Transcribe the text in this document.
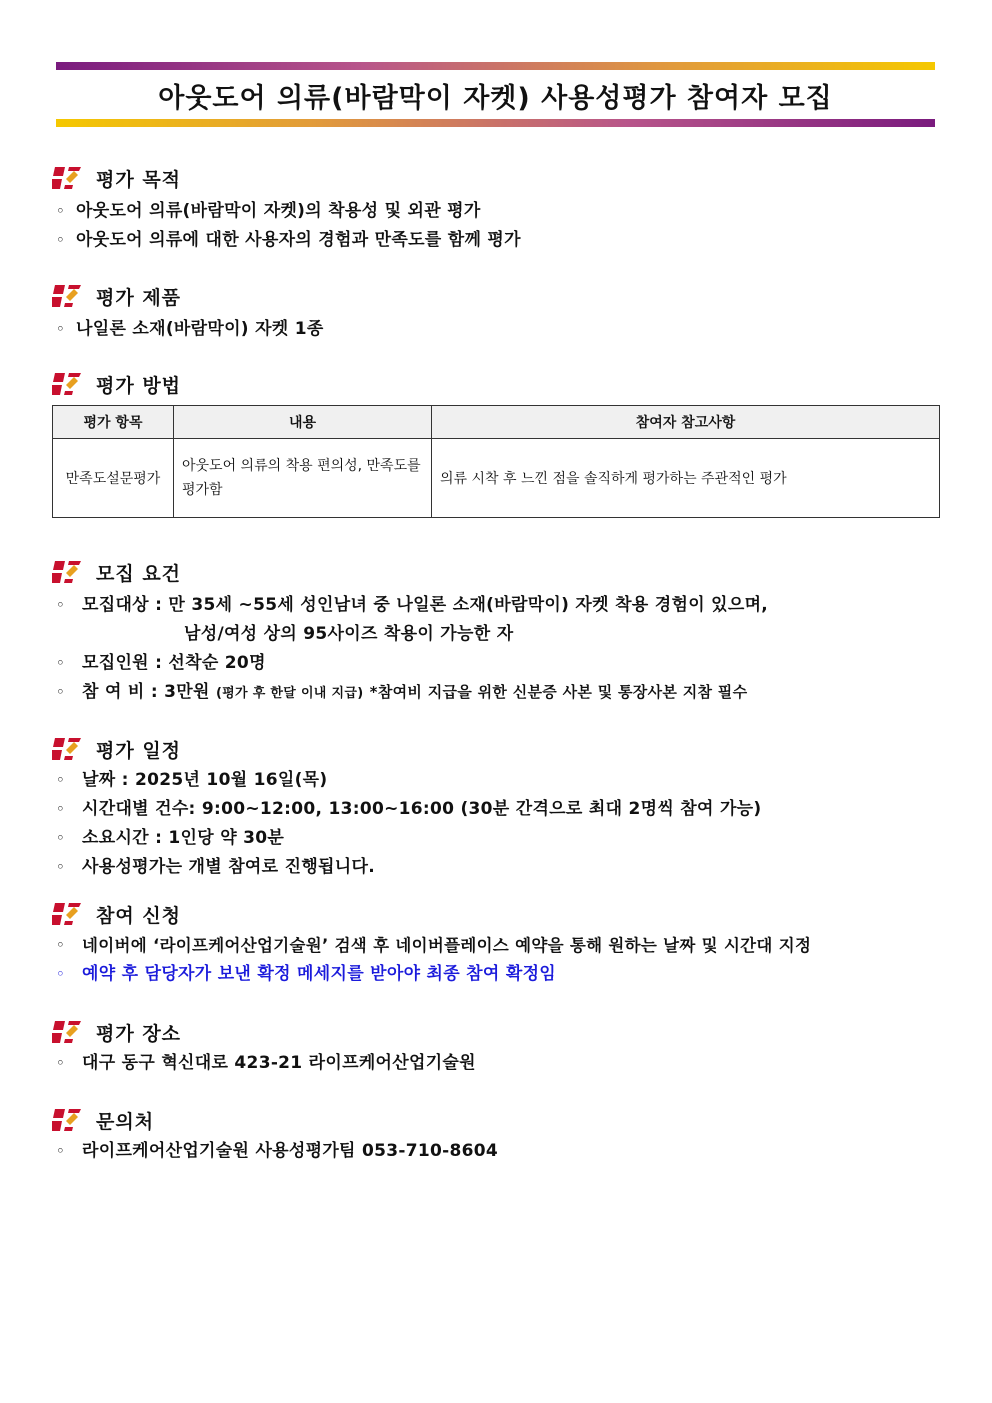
아웃도어 의류(바람막이 자켓) 사용성평가 참여자 모집
평가 목적
◦ 아웃도어 의류(바람막이 자켓)의 착용성 및 외관 평가
◦ 아웃도어 의류에 대한 사용자의 경험과 만족도를 함께 평가
평가 제품
◦ 나일론 소재(바람막이) 자켓 1종
평가 방법
평가 항목	내용	참여자 참고사항
만족도설문평가	아웃도어 의류의 착용 편의성, 만족도를 평가함	의류 시착 후 느낀 점을 솔직하게 평가하는 주관적인 평가
모집 요건
◦ 모집대상 : 만 35세 ~55세 성인남녀 중 나일론 소재(바람막이) 자켓 착용 경험이 있으며,
남성/여성 상의 95사이즈 착용이 가능한 자
◦ 모집인원 : 선착순 20명
◦ 참 여 비 : 3만원 (평가 후 한달 이내 지급) *참여비 지급을 위한 신분증 사본 및 통장사본 지참 필수
평가 일정
◦ 날짜 : 2025년 10월 16일(목)
◦ 시간대별 건수: 9:00~12:00, 13:00~16:00 (30분 간격으로 최대 2명씩 참여 가능)
◦ 소요시간 : 1인당 약 30분
◦ 사용성평가는 개별 참여로 진행됩니다.
참여 신청
◦ 네이버에 ‘라이프케어산업기술원’ 검색 후 네이버플레이스 예약을 통해 원하는 날짜 및 시간대 지정
◦ 예약 후 담당자가 보낸 확정 메세지를 받아야 최종 참여 확정임
평가 장소
◦ 대구 동구 혁신대로 423-21 라이프케어산업기술원
문의처
◦ 라이프케어산업기술원 사용성평가팀 053-710-8604
